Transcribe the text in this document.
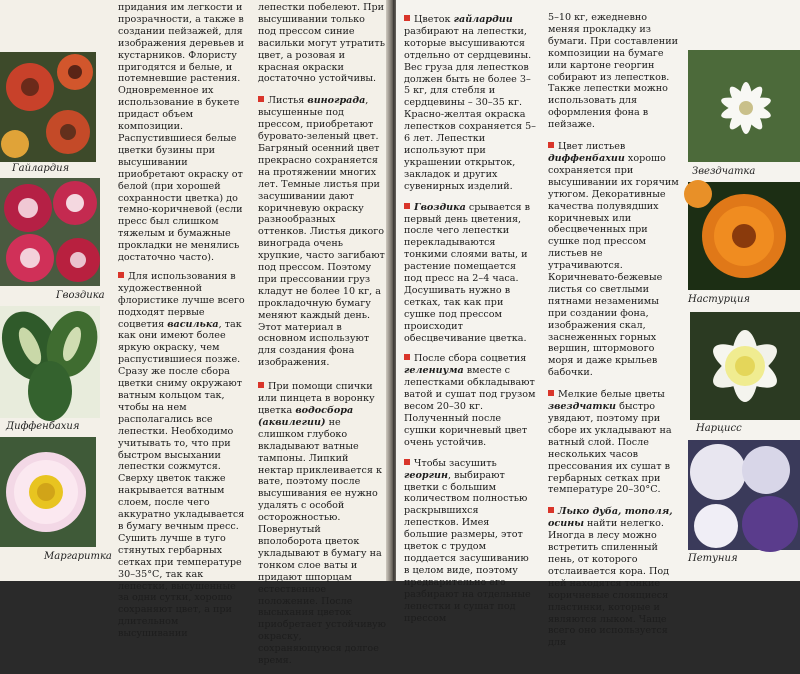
Гайлардия
Гвоздика
Диффенбахия
Маргаритка

придания им легкости и прозрачности, а также в создании пейзажей, для изображения деревьев и кустарников. Флористу пригодятся и белые, и потемневшие растения. Одновременное их использование в букете придаст объем композиции. Распустившиеся белые цветки бузины при высушивании приобретают окраску от белой (при хорошей сохранности цветка) до темно-коричневой (если пресс был слишком тяжелым и бумажные прокладки не менялись достаточно часто).

Для использования в художественной флористике лучше всего подходят первые соцветия василька, так как они имеют более яркую окраску, чем распустившиеся позже. Сразу же после сбора цветки сниму окружают ватным кольцом так, чтобы на нем располагались все лепестки. Необходимо учитывать то, что при быстром высыхании лепестки сожмутся. Сверху цветок также накрывается ватным слоем, после чего аккуратно укладывается в бумагу вечным пресс. Сушить лучше в туго стянутых гербарных сетках при температуре 30–35°С, так как лепестки, высушенные за одни сутки, хорошо сохраняют цвет, а при длительном высушивании

лепестки побелеют. При высушивании только под прессом синие васильки могут утратить цвет, а розовая и красная окраски достаточно устойчивы.

Листья винограда, высушенные под прессом, приобретают буровато-зеленый цвет. Багряный осенний цвет прекрасно сохраняется на протяжении многих лет. Темные листья при засушивании дают коричневую окраску разнообразных оттенков. Листья дикого винограда очень хрупкие, часто загибают под прессом. Поэтому при прессовании груз кладут не более 10 кг, а прокладочную бумагу меняют каждый день. Этот материал в основном используют для создания фона изображения.

При помощи спички или пинцета в воронку цветка водосбора (аквилегии) не слишком глубоко вкладывают ватные тампоны. Липкий нектар приклеивается к вате, поэтому после высушивания ее нужно удалять с особой осторожностью. Повернутый вполоборота цветок укладывают в бумагу на тонком слое ваты и придают шпорцам естественное положение. После высыхания цветок приобретает устойчивую окраску, сохраняющуюся долгое время.

Цветок гайлардии разбирают на лепестки, которые высушиваются отдельно от сердцевины. Вес груза для лепестков должен быть не более 3–5 кг, для стебля и сердцевины – 30–35 кг. Красно-желтая окраска лепестков сохраняется 5–6 лет. Лепестки используют при украшении открыток, закладок и других сувенирных изделий.

Гвоздика срывается в первый день цветения, после чего лепестки перекладываются тонкими слоями ваты, и растение помещается под пресс на 2–4 часа. Досушивать нужно в сетках, так как при сушке под прессом происходит обесцвечивание цветка.

После сбора соцветия гелениума вместе с лепестками обкладывают ватой и сушат под грузом весом 20–30 кг. Полученный после сушки коричневый цвет очень устойчив.

Чтобы засушить георгин, выбирают цветки с большим количеством полностью раскрывшихся лепестков. Имея большие размеры, этот цветок с трудом поддается засушиванию в целом виде, поэтому предварительно его разбирают на отдельные лепестки и сушат под прессом

5–10 кг, ежедневно меняя прокладку из бумаги. При составлении композиции на бумаге или картоне георгин собирают из лепестков. Также лепестки можно использовать для оформления фона в пейзаже.

Цвет листьев диффенбахии хорошо сохраняется при высушивании их горячим утюгом. Декоративные качества полувядших коричневых или обесцвеченных при сушке под прессом листьев не утрачиваются. Коричневато-бежевые листья со светлыми пятнами незаменимы при создании фона, изображения скал, заснеженных горных вершин, штормового моря и даже крыльев бабочки.

Мелкие белые цветы звездчатки быстро увядают, поэтому при сборе их укладывают на ватный слой. После нескольких часов прессования их сушат в гербарных сетках при температуре 20–30°С.

Лыко дуба, тополя, осины найти нелегко. Иногда в лесу можно встретить спиленный пень, от которого отслаивается кора. Под ней находятся тонкие коричневые слоящиеся пластинки, которые и являются лыком. Чаще всего оно используется для

Звездчатка
Настурция
Нарцисс
Петуния
